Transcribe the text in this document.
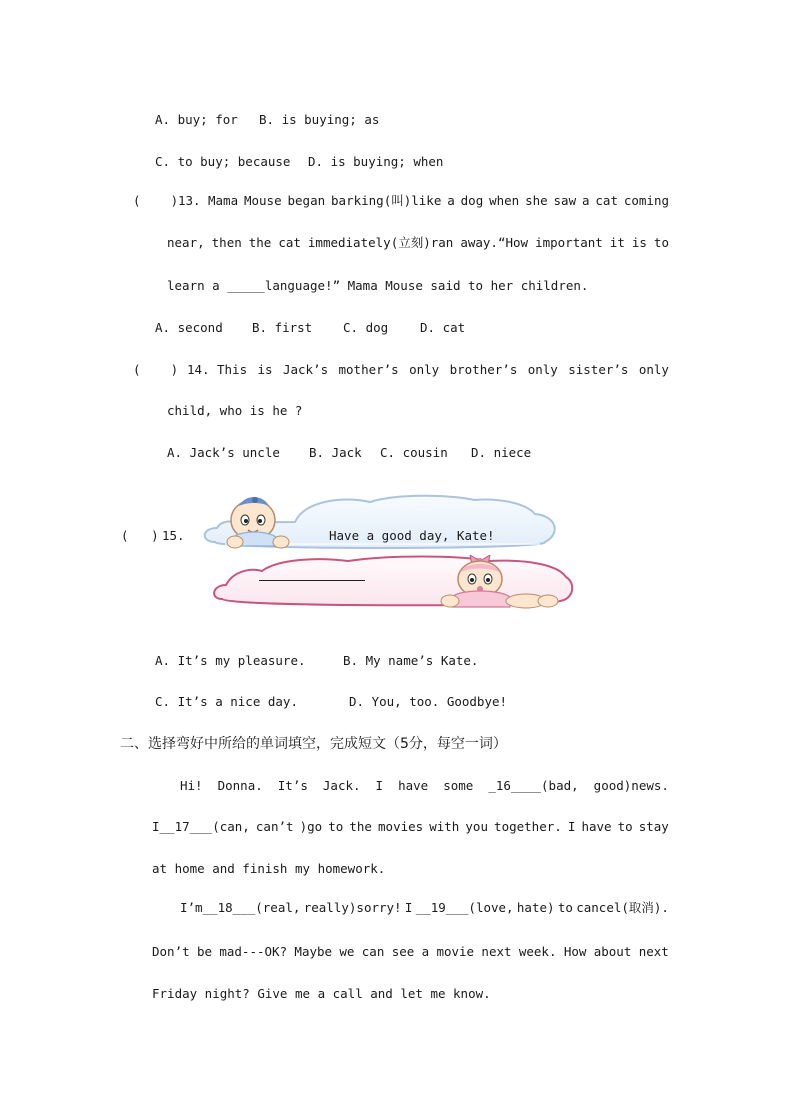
A. buy; for B. is buying; as
C. to buy; because D. is buying; when
(    ) 13. Mama Mouse began barking(叫)like a dog when she saw a cat coming
near, then the cat immediately(立刻)ran away.“How important it is to
learn a _____language!” Mama Mouse said to her children.
A. second B. first C. dog	D. cat
(    ) 14. This is Jack’s mother’s only brother’s only sister’s only
child, who is he ?
A. Jack’s uncle B. Jack C. cousin D. niece
(   ) 15.	Have a good day, Kate!
A. It’s my pleasure.	B. My name’s Kate.
C. It’s a nice day.	D. You, too. Goodbye!
二、选择弯好中所给的单词填空，完成短文（5分，每空一词）
Hi! Donna. It’s Jack. I have some _16____(bad, good)news.
I__17___(can, can’t )go to the movies with you together. I have to stay
at home and finish my homework.
I’m__18___(real, really)sorry! I __19___(love, hate) to cancel(取消).
Don’t be mad---OK? Maybe we can see a movie next week. How about next
Friday night? Give me a call and let me know.
